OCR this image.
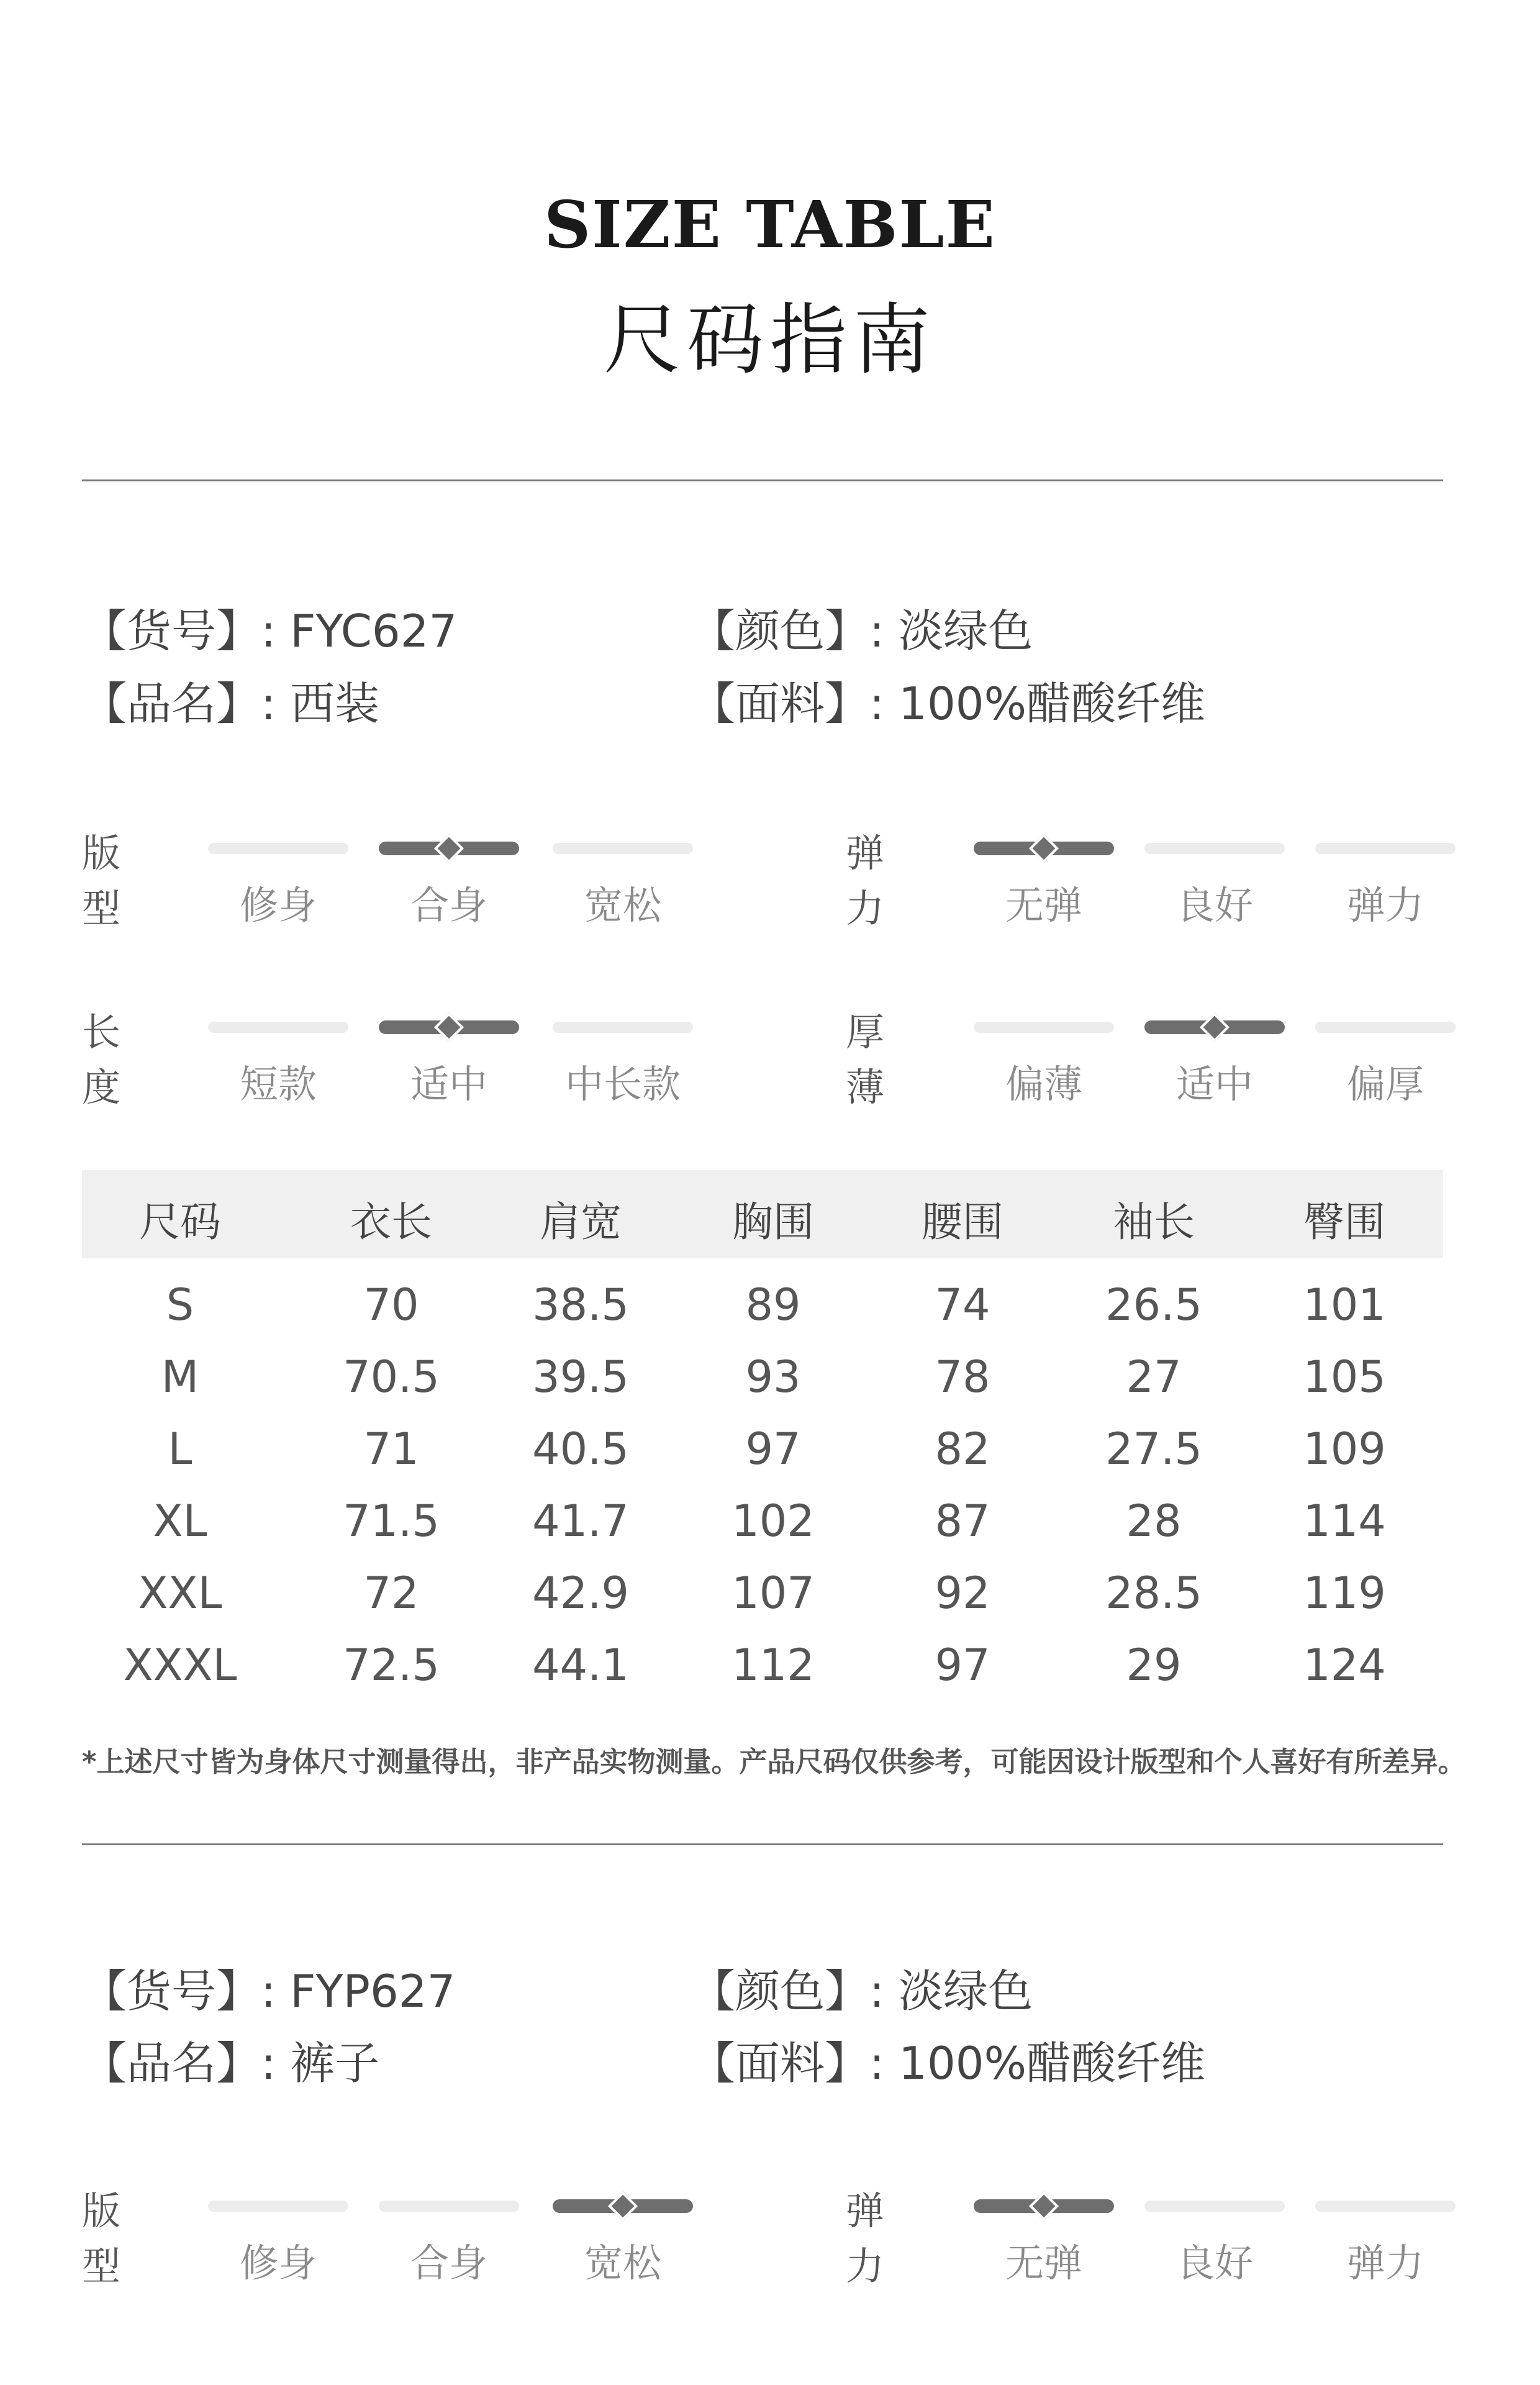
SIZE TABLE
尺码指南
【货号】: FYC627
【品名】: 西装
【颜色】: 淡绿色
【面料】: 100%醋酸纤维
版型	修身	合身	宽松
弹力	无弹	良好	弹力
长度	短款	适中	中长款
厚薄	偏薄	适中	偏厚
尺码	衣长	肩宽	胸围	腰围	袖长	臀围
S	70	38.5	89	74	26.5	101
M	70.5	39.5	93	78	27	105
L	71	40.5	97	82	27.5	109
XL	71.5	41.7	102	87	28	114
XXL	72	42.9	107	92	28.5	119
XXXL	72.5	44.1	112	97	29	124
*上述尺寸皆为身体尺寸测量得出，非产品实物测量。产品尺码仅供参考，可能因设计版型和个人喜好有所差异。
【货号】: FYP627
【品名】: 裤子
【颜色】: 淡绿色
【面料】: 100%醋酸纤维
版型	修身	合身	宽松
弹力	无弹	良好	弹力
